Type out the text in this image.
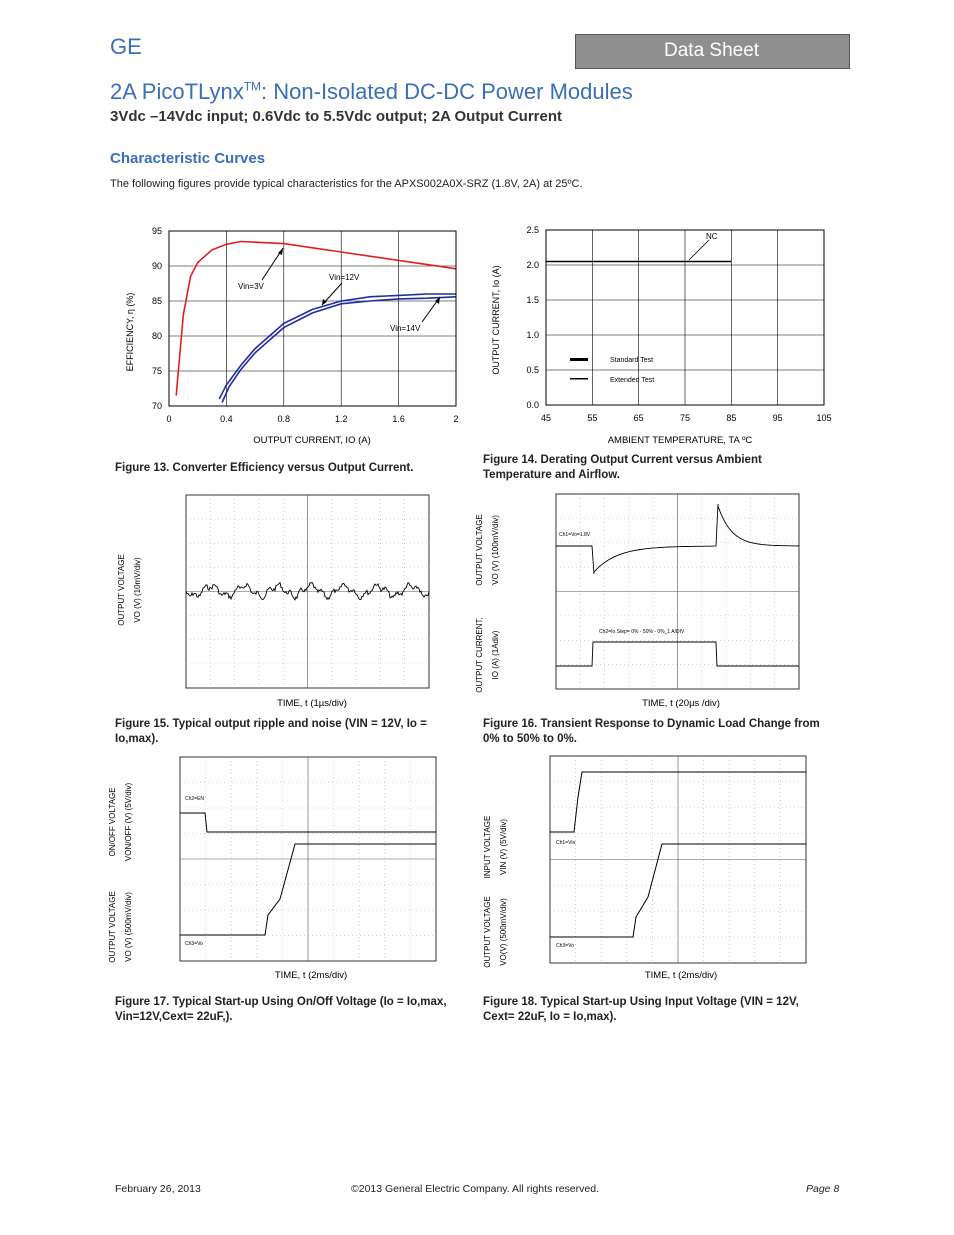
GE	Data Sheet
2A PicoTLynx™: Non-Isolated DC-DC Power Modules
3Vdc –14Vdc input; 0.6Vdc to 5.5Vdc output; 2A Output Current
Characteristic Curves
The following figures provide typical characteristics for the APXS002A0X-SRZ (1.8V, 2A) at 25ºC.
0	0.4	0.8	1.2	1.6	2
70
75
80
85
90
95
Vin=3V
Vin=12V
Vin=14V
OUTPUT CURRENT, IO (A)
EFFICIENCY, η (%)
Figure 13. Converter Efficiency versus Output Current.
45	55	65	75	85	95	105
0.0
0.5
1.0
1.5
2.0
2.5
NC
Standard Test
Extended Test
AMBIENT TEMPERATURE, TA ºC
OUTPUT CURRENT, Io (A)
Figure 14. Derating Output Current versus Ambient
Temperature and Airflow.
OUTPUT VOLTAGE VO (V) (10mV/div)
TIME, t (1µs/div)
Figure 15. Typical output ripple and noise (VIN = 12V, Io =
Io,max).
Ch1=Vo=1.8V
Ch2=Io Step= 0% - 50% - 0%_1 A/DIV
OUTPUT VOLTAGE VO (V) (100mV/div)
OUTPUT CURRENT, IO (A) (1Adiv)
TIME, t (20µs /div)
Figure 16. Transient Response to Dynamic Load Change from
0% to 50% to 0%.
Ch2=EN
Ch3=Vo
ON/OFF VOLTAGE VON/OFF (V) (5V/div)
OUTPUT VOLTAGE VO (V) (500mV/div)
TIME, t (2ms/div)
Figure 17. Typical Start-up Using On/Off Voltage (Io = Io,max,
Vin=12V,Cext= 22uF,).
Ch1=Vin
Ch3=Vo
INPUT VOLTAGE VIN (V) (5V/div)
OUTPUT VOLTAGE VO(V) (500mV/div)
TIME, t (2ms/div)
Figure 18. Typical Start-up Using Input Voltage (VIN = 12V,
Cext= 22uF, Io = Io,max).
February 26, 2013	©2013 General Electric Company. All rights reserved.	Page 8
